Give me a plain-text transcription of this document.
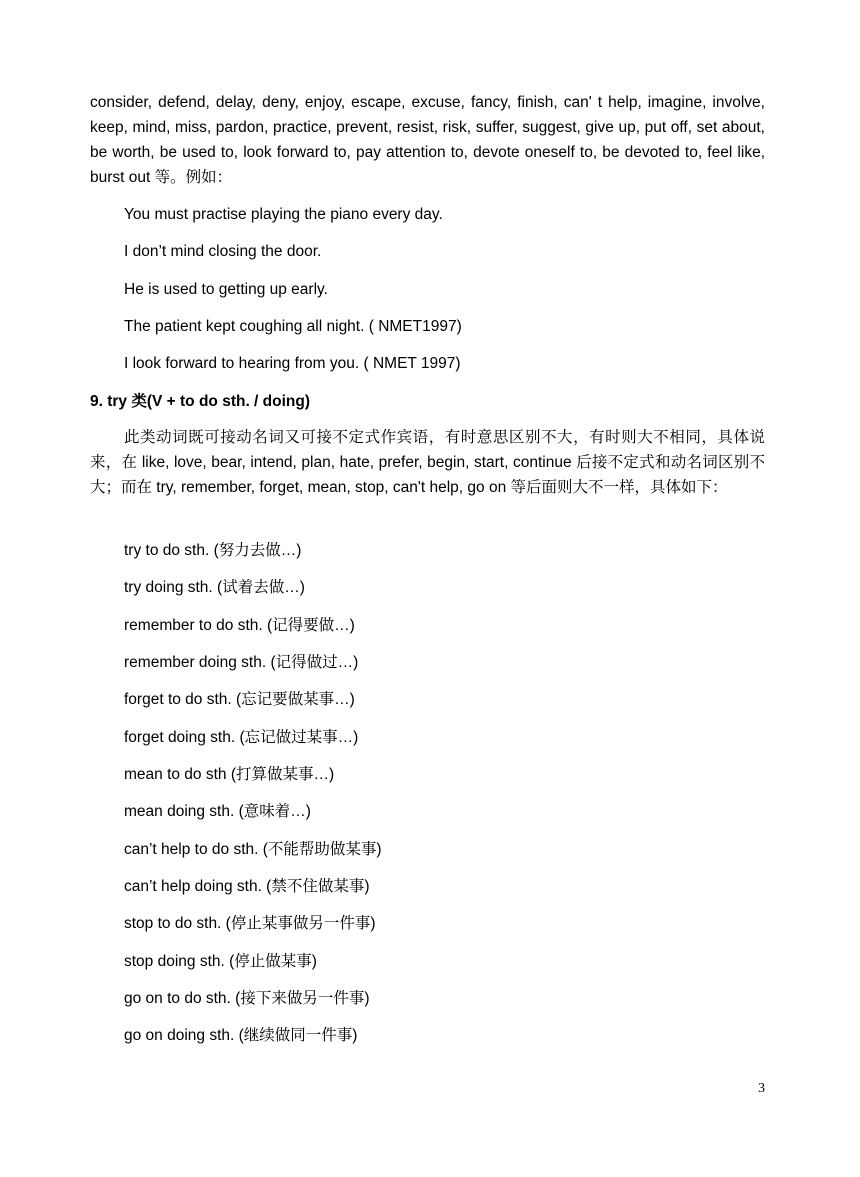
consider, defend, delay, deny, enjoy, escape, excuse, fancy, finish, can' t help, imagine, involve, keep, mind, miss, pardon, practice, prevent, resist, risk, suffer, suggest, give up, put off, set about, be worth, be used to, look forward to, pay attention to, devote oneself to, be devoted to, feel like, burst out 等。例如：

You must practise playing the piano every day.

I don’t mind closing the door.

He is used to getting up early.

The patient kept coughing all night. ( NMET1997)

I look forward to hearing from you. ( NMET 1997)

9. try 类(V + to do sth. / doing)

此类动词既可接动名词又可接不定式作宾语，有时意思区别不大，有时则大不相同，具体说来，在 like, love, bear, intend, plan, hate, prefer, begin, start, continue 后接不定式和动名词区别不大；而在 try, remember, forget, mean, stop, can't help, go on 等后面则大不一样，具体如下：

try to do sth. (努力去做…)

try doing sth. (试着去做…)

remember to do sth. (记得要做…)

remember doing sth. (记得做过…)

forget to do sth. (忘记要做某事…)

forget doing sth. (忘记做过某事…)

mean to do sth (打算做某事…)

mean doing sth. (意味着…)

can’t help to do sth. (不能帮助做某事)

can’t help doing sth. (禁不住做某事)

stop to do sth. (停止某事做另一件事)

stop doing sth. (停止做某事)

go on to do sth. (接下来做另一件事)

go on doing sth. (继续做同一件事)

3
